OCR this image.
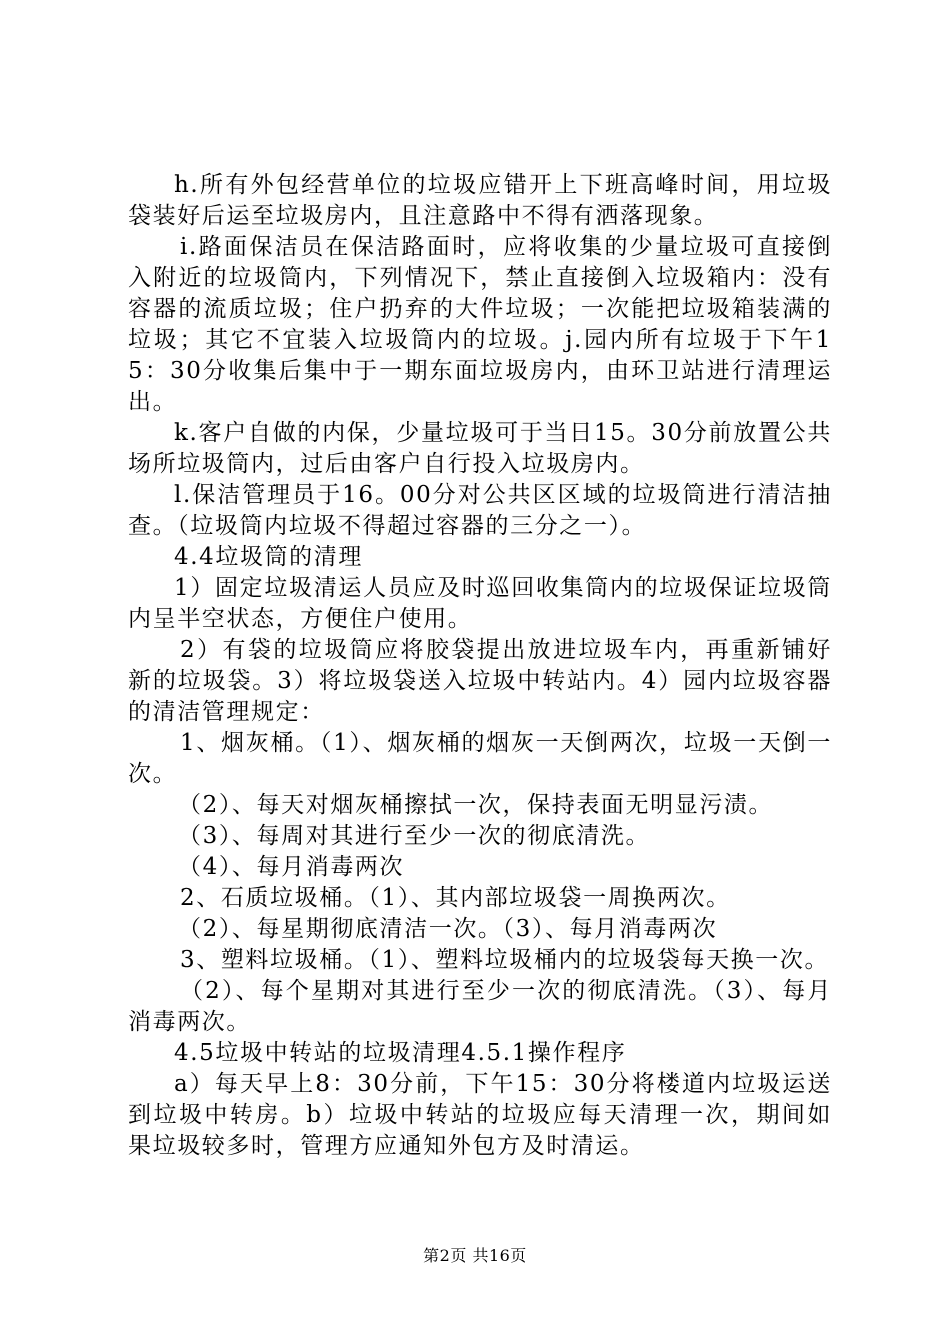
h.所有外包经营单位的垃圾应错开上下班高峰时间，用垃圾袋装好后运至垃圾房内，且注意路中不得有洒落现象。

i.路面保洁员在保洁路面时，应将收集的少量垃圾可直接倒入附近的垃圾筒内，下列情况下，禁止直接倒入垃圾箱内：没有容器的流质垃圾；住户扔弃的大件垃圾；一次能把垃圾箱装满的垃圾；其它不宜装入垃圾筒内的垃圾。j.园内所有垃圾于下午15：30分收集后集中于一期东面垃圾房内，由环卫站进行清理运出。

k.客户自做的内保，少量垃圾可于当日15。30分前放置公共场所垃圾筒内，过后由客户自行投入垃圾房内。

l.保洁管理员于16。00分对公共区区域的垃圾筒进行清洁抽查。（垃圾筒内垃圾不得超过容器的三分之一）。

4.4垃圾筒的清理

1）固定垃圾清运人员应及时巡回收集筒内的垃圾保证垃圾筒内呈半空状态，方便住户使用。

2）有袋的垃圾筒应将胶袋提出放进垃圾车内，再重新铺好新的垃圾袋。3）将垃圾袋送入垃圾中转站内。4）园内垃圾容器的清洁管理规定：

1、烟灰桶。（1）、烟灰桶的烟灰一天倒两次，垃圾一天倒一次。

（2）、每天对烟灰桶擦拭一次，保持表面无明显污渍。

（3）、每周对其进行至少一次的彻底清洗。

（4）、每月消毒两次

2、石质垃圾桶。（1）、其内部垃圾袋一周换两次。

（2）、每星期彻底清洁一次。（3）、每月消毒两次

3、塑料垃圾桶。（1）、塑料垃圾桶内的垃圾袋每天换一次。

（2）、每个星期对其进行至少一次的彻底清洗。（3）、每月消毒两次。

4.5垃圾中转站的垃圾清理4.5.1操作程序

a）每天早上8：30分前，下午15：30分将楼道内垃圾运送到垃圾中转房。b）垃圾中转站的垃圾应每天清理一次，期间如果垃圾较多时，管理方应通知外包方及时清运。

第2页 共16页
